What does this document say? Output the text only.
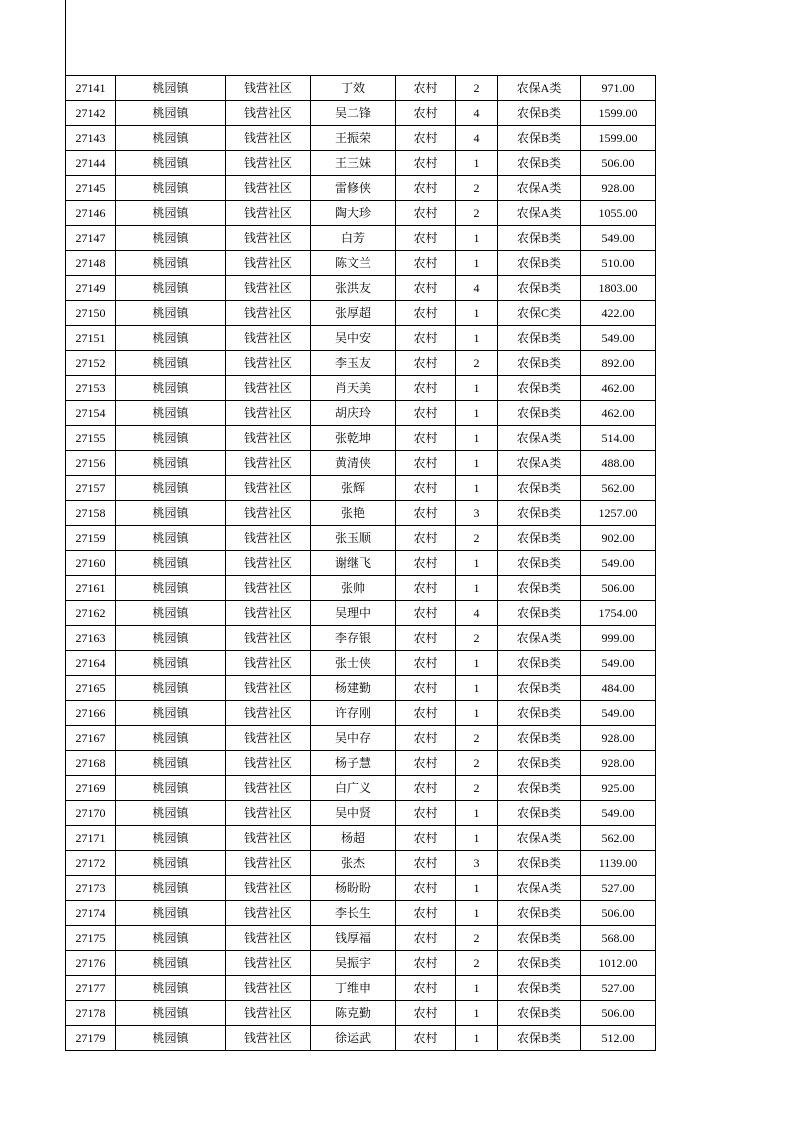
27141	桃园镇	钱营社区	丁效	农村	2	农保A类	971.00
27142	桃园镇	钱营社区	吴二锋	农村	4	农保B类	1599.00
27143	桃园镇	钱营社区	王振荣	农村	4	农保B类	1599.00
27144	桃园镇	钱营社区	王三妹	农村	1	农保B类	506.00
27145	桃园镇	钱营社区	雷修侠	农村	2	农保A类	928.00
27146	桃园镇	钱营社区	陶大珍	农村	2	农保A类	1055.00
27147	桃园镇	钱营社区	白芳	农村	1	农保B类	549.00
27148	桃园镇	钱营社区	陈文兰	农村	1	农保B类	510.00
27149	桃园镇	钱营社区	张洪友	农村	4	农保B类	1803.00
27150	桃园镇	钱营社区	张厚超	农村	1	农保C类	422.00
27151	桃园镇	钱营社区	吴中安	农村	1	农保B类	549.00
27152	桃园镇	钱营社区	李玉友	农村	2	农保B类	892.00
27153	桃园镇	钱营社区	肖天美	农村	1	农保B类	462.00
27154	桃园镇	钱营社区	胡庆玲	农村	1	农保B类	462.00
27155	桃园镇	钱营社区	张乾坤	农村	1	农保A类	514.00
27156	桃园镇	钱营社区	黄清侠	农村	1	农保A类	488.00
27157	桃园镇	钱营社区	张辉	农村	1	农保B类	562.00
27158	桃园镇	钱营社区	张艳	农村	3	农保B类	1257.00
27159	桃园镇	钱营社区	张玉顺	农村	2	农保B类	902.00
27160	桃园镇	钱营社区	谢继飞	农村	1	农保B类	549.00
27161	桃园镇	钱营社区	张帅	农村	1	农保B类	506.00
27162	桃园镇	钱营社区	吴理中	农村	4	农保B类	1754.00
27163	桃园镇	钱营社区	李存银	农村	2	农保A类	999.00
27164	桃园镇	钱营社区	张士侠	农村	1	农保B类	549.00
27165	桃园镇	钱营社区	杨建勤	农村	1	农保B类	484.00
27166	桃园镇	钱营社区	许存刚	农村	1	农保B类	549.00
27167	桃园镇	钱营社区	吴中存	农村	2	农保B类	928.00
27168	桃园镇	钱营社区	杨子慧	农村	2	农保B类	928.00
27169	桃园镇	钱营社区	白广义	农村	2	农保B类	925.00
27170	桃园镇	钱营社区	吴中贤	农村	1	农保B类	549.00
27171	桃园镇	钱营社区	杨超	农村	1	农保A类	562.00
27172	桃园镇	钱营社区	张杰	农村	3	农保B类	1139.00
27173	桃园镇	钱营社区	杨盼盼	农村	1	农保A类	527.00
27174	桃园镇	钱营社区	李长生	农村	1	农保B类	506.00
27175	桃园镇	钱营社区	钱厚福	农村	2	农保B类	568.00
27176	桃园镇	钱营社区	吴振宇	农村	2	农保B类	1012.00
27177	桃园镇	钱营社区	丁维申	农村	1	农保B类	527.00
27178	桃园镇	钱营社区	陈克勤	农村	1	农保B类	506.00
27179	桃园镇	钱营社区	徐运武	农村	1	农保B类	512.00
